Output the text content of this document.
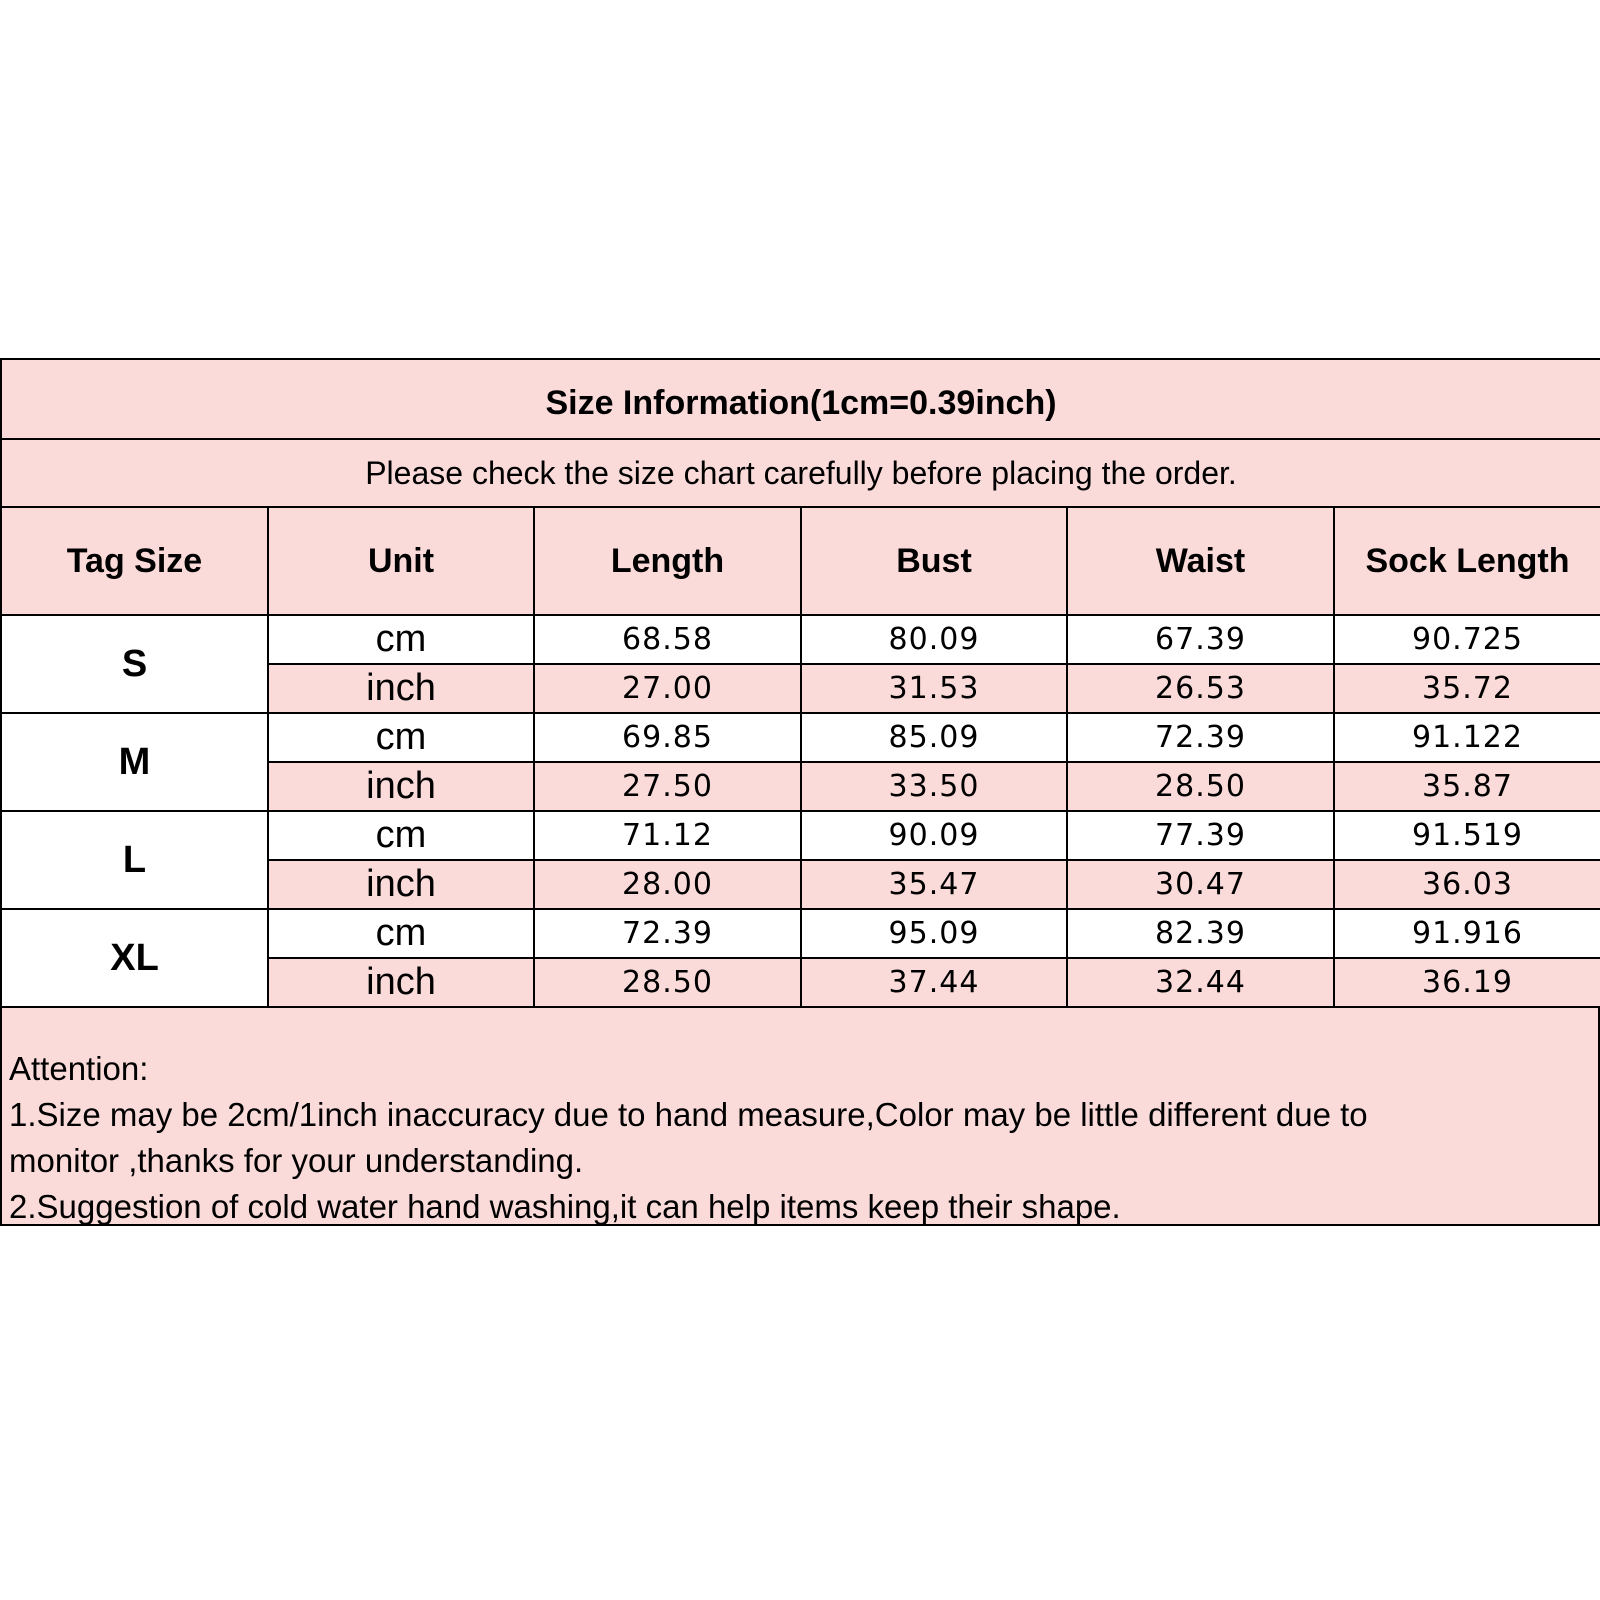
Size Information(1cm=0.39inch)					
Please check the size chart carefully before placing the order.					
Tag Size	Unit	Length	Bust	Waist	Sock Length
S	cm	68.58	80.09	67.39	90.725
	inch	27.00	31.53	26.53	35.72
M	cm	69.85	85.09	72.39	91.122
	inch	27.50	33.50	28.50	35.87
L	cm	71.12	90.09	77.39	91.519
	inch	28.00	35.47	30.47	36.03
XL	cm	72.39	95.09	82.39	91.916
	inch	28.50	37.44	32.44	36.19
Attention:
1.Size may be 2cm/1inch inaccuracy due to hand measure,Color may be little different due to
monitor ,thanks for your understanding.
2.Suggestion of cold water hand washing,it can help items keep their shape.
